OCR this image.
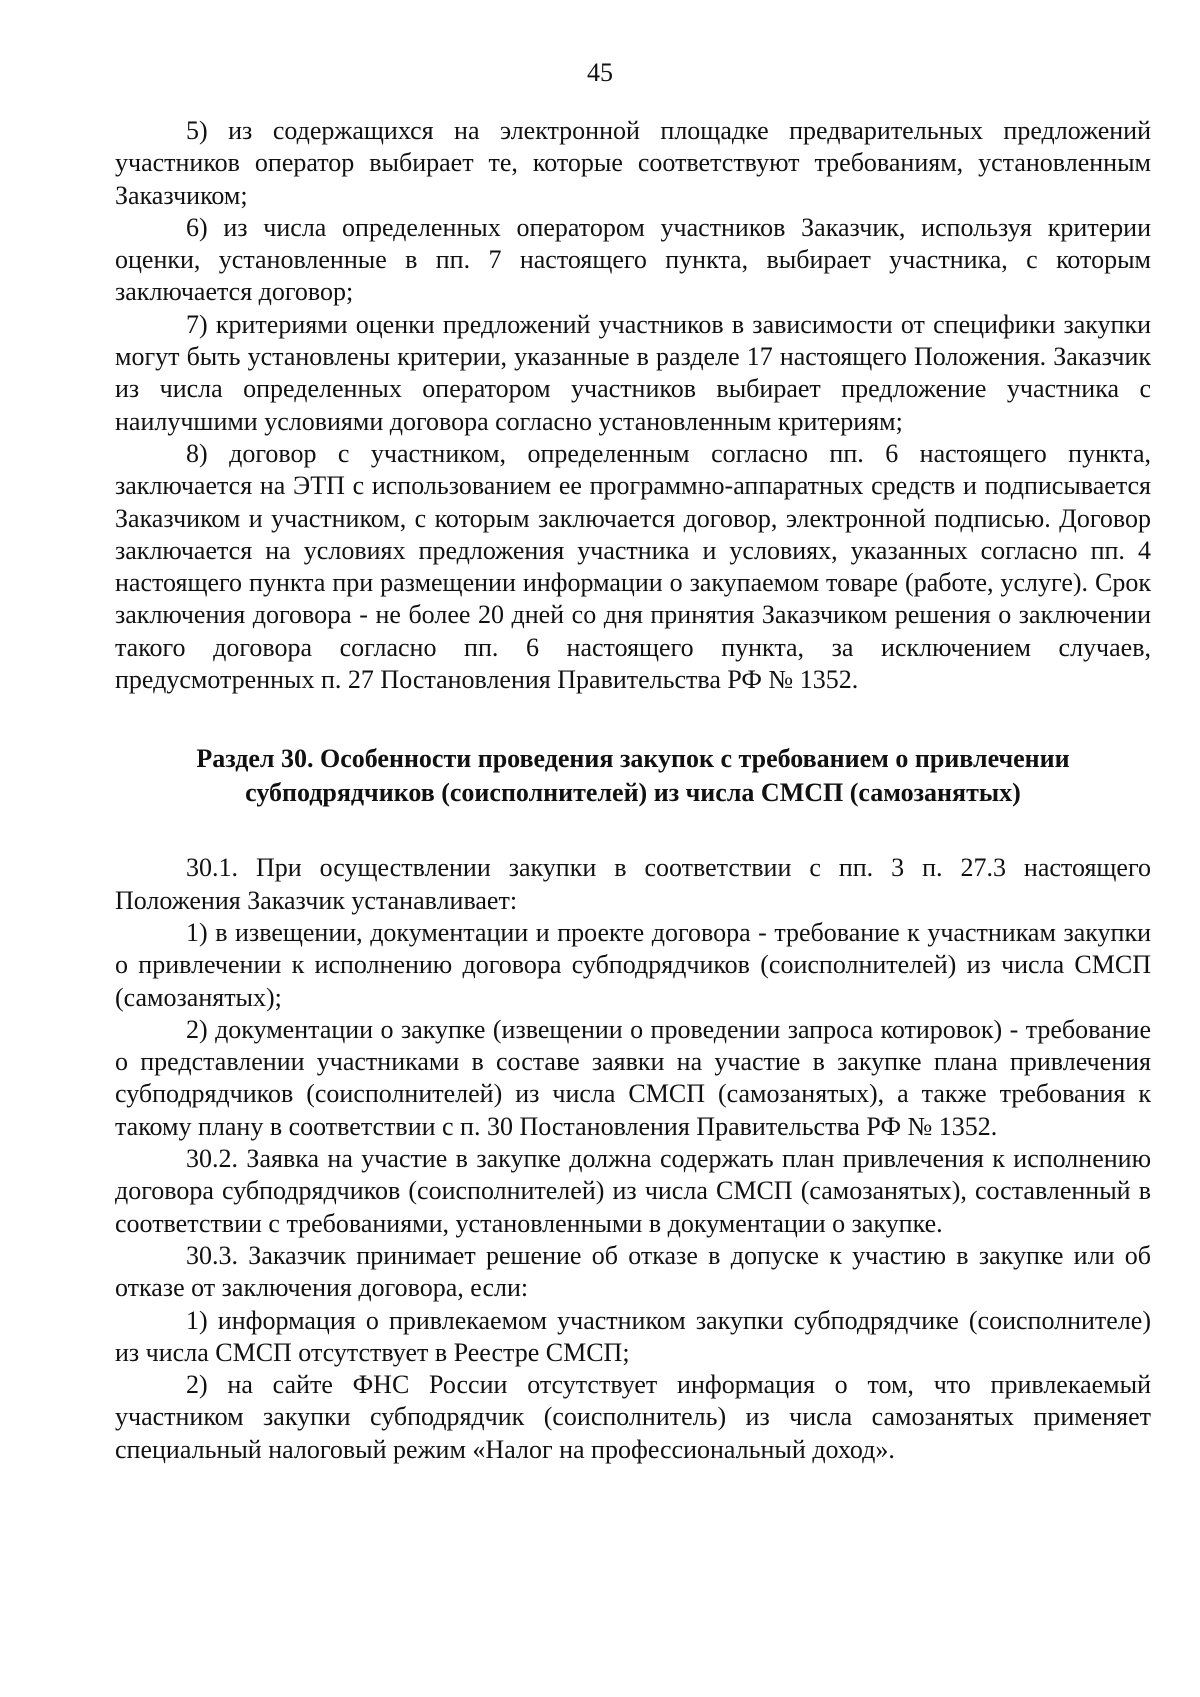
45

5) из содержащихся на электронной площадке предварительных предложений участников оператор выбирает те, которые соответствуют требованиям, установленным Заказчиком;

6) из числа определенных оператором участников Заказчик, используя критерии оценки, установленные в пп. 7 настоящего пункта, выбирает участника, с которым заключается договор;

7) критериями оценки предложений участников в зависимости от специфики закупки могут быть установлены критерии, указанные в разделе 17 настоящего Положения. Заказчик из числа определенных оператором участников выбирает предложение участника с наилучшими условиями договора согласно установленным критериям;

8) договор с участником, определенным согласно пп. 6 настоящего пункта, заключается на ЭТП с использованием ее программно-аппаратных средств и подписывается Заказчиком и участником, с которым заключается договор, электронной подписью. Договор заключается на условиях предложения участника и условиях, указанных согласно пп. 4 настоящего пункта при размещении информации о закупаемом товаре (работе, услуге). Срок заключения договора - не более 20 дней со дня принятия Заказчиком решения о заключении такого договора согласно пп. 6 настоящего пункта, за исключением случаев, предусмотренных п. 27 Постановления Правительства РФ № 1352.

Раздел 30. Особенности проведения закупок с требованием о привлечении субподрядчиков (соисполнителей) из числа СМСП (самозанятых)

30.1. При осуществлении закупки в соответствии с пп. 3 п. 27.3 настоящего Положения Заказчик устанавливает:

1) в извещении, документации и проекте договора - требование к участникам закупки о привлечении к исполнению договора субподрядчиков (соисполнителей) из числа СМСП (самозанятых);

2) документации о закупке (извещении о проведении запроса котировок) - требование о представлении участниками в составе заявки на участие в закупке плана привлечения субподрядчиков (соисполнителей) из числа СМСП (самозанятых), а также требования к такому плану в соответствии с п. 30 Постановления Правительства РФ № 1352.

30.2. Заявка на участие в закупке должна содержать план привлечения к исполнению договора субподрядчиков (соисполнителей) из числа СМСП (самозанятых), составленный в соответствии с требованиями, установленными в документации о закупке.

30.3. Заказчик принимает решение об отказе в допуске к участию в закупке или об отказе от заключения договора, если:

1) информация о привлекаемом участником закупки субподрядчике (соисполнителе) из числа СМСП отсутствует в Реестре СМСП;

2) на сайте ФНС России отсутствует информация о том, что привлекаемый участником закупки субподрядчик (соисполнитель) из числа самозанятых применяет специальный налоговый режим «Налог на профессиональный доход».
